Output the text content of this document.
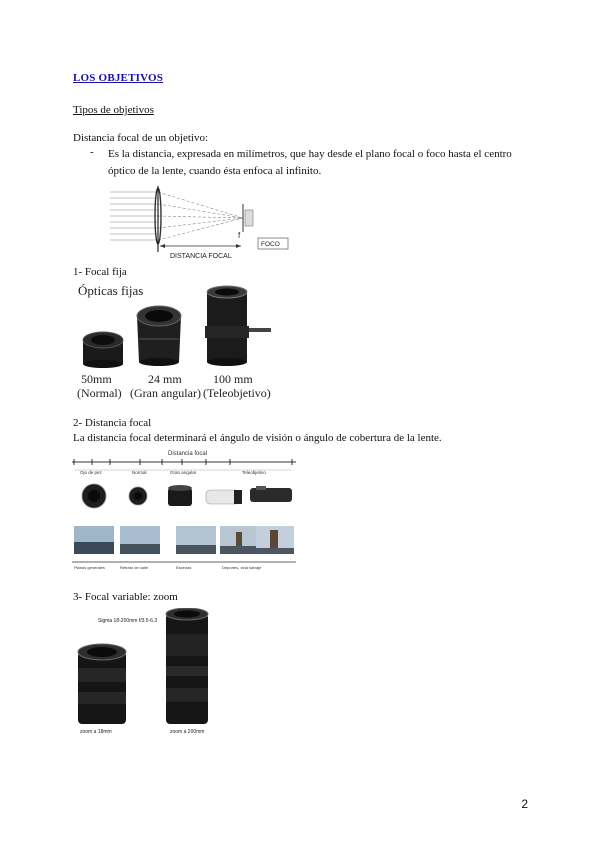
LOS OBJETIVOS
Tipos de objetivos
Distancia focal de un objetivo:
- Es la distancia, expresada en milímetros, que hay desde el plano focal o foco hasta el centro óptico de la lente, cuando ésta enfoca al infinito.
f
FOCO
DISTANCIA FOCAL
1- Focal fija
Ópticas fijas
50mm
(Normal)
24 mm
(Gran angular)
100 mm
(Teleobjetivo)
2- Distancia focal
La distancia focal determinará el ángulo de visión o ángulo de cobertura de la lente.
Distancia focal
Ojo de pez	Normal	Gran angular	Teleobjetivo
Planos generales	Retrato de calle	Escenas	Deportes, vida salvaje
3- Focal variable: zoom
Sigma 18-200mm f/3.5-6.3
zoom a 18mm	zoom a 200mm
2
